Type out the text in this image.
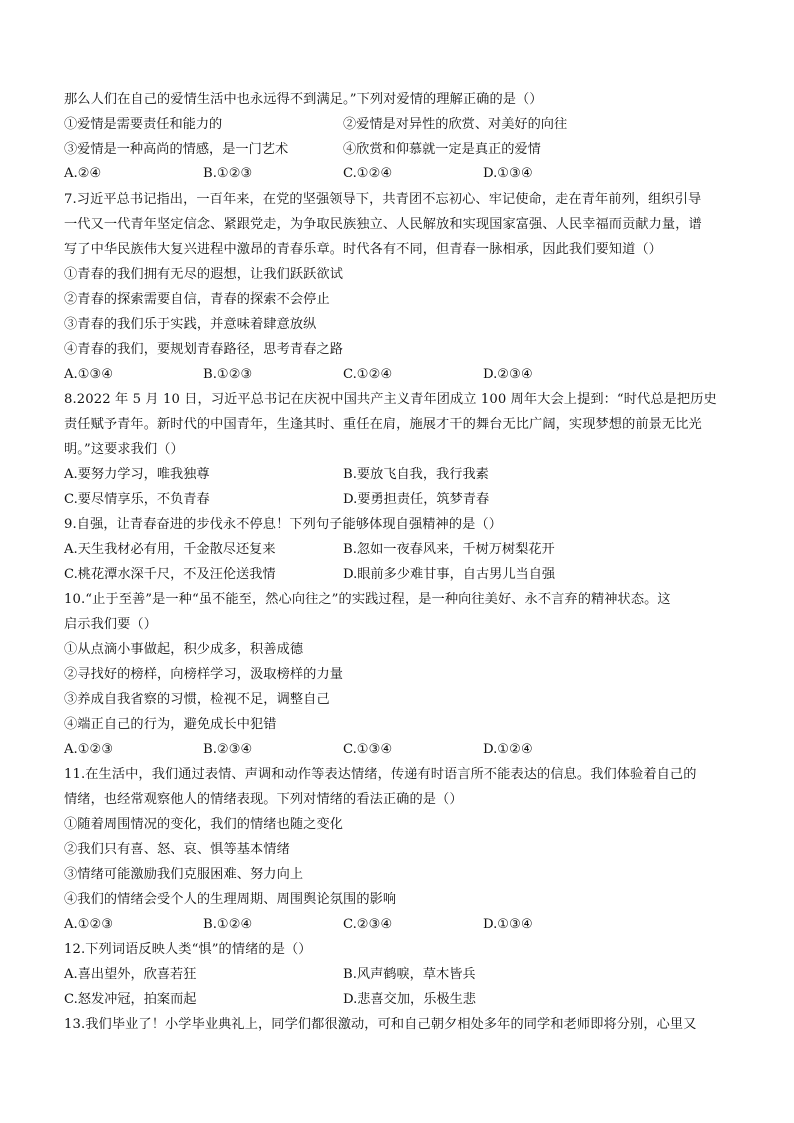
那么人们在自己的爱情生活中也永远得不到满足。”下列对爱情的理解正确的是（）
①爱情是需要责任和能力的	②爱情是对异性的欣赏、对美好的向往
③爱情是一种高尚的情感，是一门艺术	④欣赏和仰慕就一定是真正的爱情
A.②④	B.①②③	C.①②④	D.①③④
7.习近平总书记指出，一百年来，在党的坚强领导下，共青团不忘初心、牢记使命，走在青年前列，组织引导
一代又一代青年坚定信念、紧跟党走，为争取民族独立、人民解放和实现国家富强、人民幸福而贡献力量，谱
写了中华民族伟大复兴进程中激昂的青春乐章。时代各有不同，但青春一脉相承，因此我们要知道（）
①青春的我们拥有无尽的遐想，让我们跃跃欲试
②青春的探索需要自信，青春的探索不会停止
③青春的我们乐于实践，并意味着肆意放纵
④青春的我们，要规划青春路径，思考青春之路
A.①③④	B.①②③	C.①②④	D.②③④
8.2022 年 5 月 10 日，习近平总书记在庆祝中国共产主义青年团成立 100 周年大会上提到：“时代总是把历史
责任赋予青年。新时代的中国青年，生逢其时、重任在肩，施展才干的舞台无比广阔，实现梦想的前景无比光
明。”这要求我们（）
A.要努力学习，唯我独尊	B.要放飞自我，我行我素
C.要尽情享乐，不负青春	D.要勇担责任，筑梦青春
9.自强，让青春奋进的步伐永不停息！下列句子能够体现自强精神的是（）
A.天生我材必有用，千金散尽还复来	B.忽如一夜春风来，千树万树梨花开
C.桃花潭水深千尺，不及汪伦送我情	D.眼前多少难甘事，自古男儿当自强
10.“止于至善”是一种“虽不能至，然心向往之”的实践过程，是一种向往美好、永不言弃的精神状态。这
启示我们要（）
①从点滴小事做起，积少成多，积善成德
②寻找好的榜样，向榜样学习，汲取榜样的力量
③养成自我省察的习惯，检视不足，调整自己
④端正自己的行为，避免成长中犯错
A.①②③	B.②③④	C.①③④	D.①②④
11.在生活中，我们通过表情、声调和动作等表达情绪，传递有时语言所不能表达的信息。我们体验着自己的
情绪，也经常观察他人的情绪表现。下列对情绪的看法正确的是（）
①随着周围情况的变化，我们的情绪也随之变化
②我们只有喜、怒、哀、惧等基本情绪
③情绪可能激励我们克服困难、努力向上
④我们的情绪会受个人的生理周期、周围舆论氛围的影响
A.①②③	B.①②④	C.②③④	D.①③④
12.下列词语反映人类“惧”的情绪的是（）
A.喜出望外，欣喜若狂	B.风声鹤唳，草木皆兵
C.怒发冲冠，拍案而起	D.悲喜交加，乐极生悲
13.我们毕业了！小学毕业典礼上，同学们都很激动，可和自己朝夕相处多年的同学和老师即将分别，心里又
